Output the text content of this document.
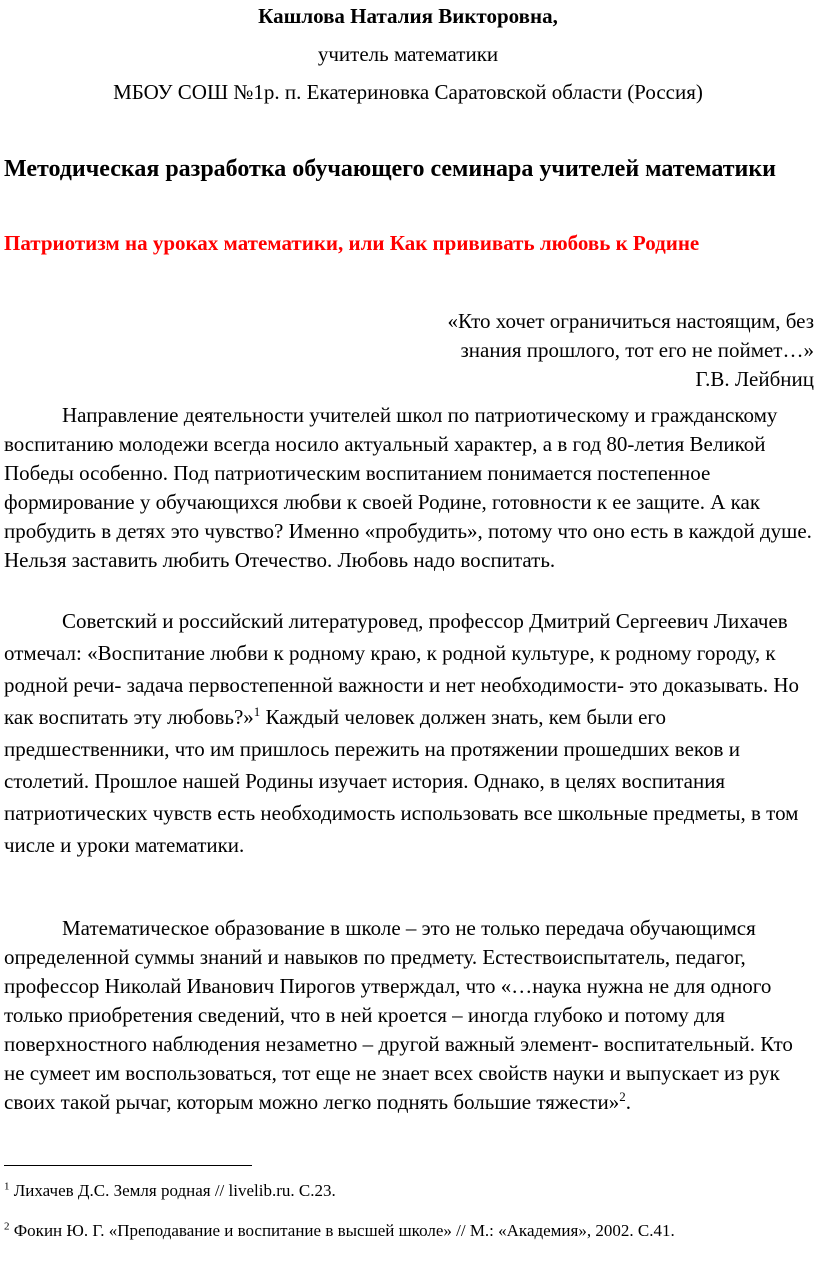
Кашлова Наталия Викторовна,
учитель математики
МБОУ СОШ №1р. п. Екатериновка Саратовской области (Россия)
Методическая разработка обучающего семинара учителей математики
Патриотизм на уроках математики, или Как прививать любовь к Родине
«Кто хочет ограничиться настоящим, без
знания прошлого, тот его не поймет…»
Г.В. Лейбниц
Направление деятельности учителей школ по патриотическому и гражданскому воспитанию молодежи всегда носило актуальный характер, а в год 80-летия Великой Победы особенно. Под патриотическим воспитанием понимается постепенное формирование у обучающихся любви к своей Родине, готовности к ее защите. А как пробудить в детях это чувство? Именно «пробудить», потому что оно есть в каждой душе. Нельзя заставить любить Отечество. Любовь надо воспитать.
Советский и российский литературовед, профессор Дмитрий Сергеевич Лихачев отмечал: «Воспитание любви к родному краю, к родной культуре, к родному городу, к родной речи- задача первостепенной важности и нет необходимости- это доказывать. Но как воспитать эту любовь?»$^1$ Каждый человек должен знать, кем были его предшественники, что им пришлось пережить на протяжении прошедших веков и столетий. Прошлое нашей Родины изучает история. Однако, в целях воспитания патриотических чувств есть необходимость использовать все школьные предметы, в том числе и уроки математики.
Математическое образование в школе – это не только передача обучающимся определенной суммы знаний и навыков по предмету. Естествоиспытатель, педагог, профессор Николай Иванович Пирогов утверждал, что «…наука нужна не для одного только приобретения сведений, что в ней кроется – иногда глубоко и потому для поверхностного наблюдения незаметно – другой важный элемент- воспитательный. Кто не сумеет им воспользоваться, тот еще не знает всех свойств науки и выпускает из рук своих такой рычаг, которым можно легко поднять большие тяжести»$^2$.
$^1$ Лихачев Д.С. Земля родная // livelib.ru. С.23.
$^2$ Фокин Ю. Г. «Преподавание и воспитание в высшей школе» // М.: «Академия», 2002. С.41.
